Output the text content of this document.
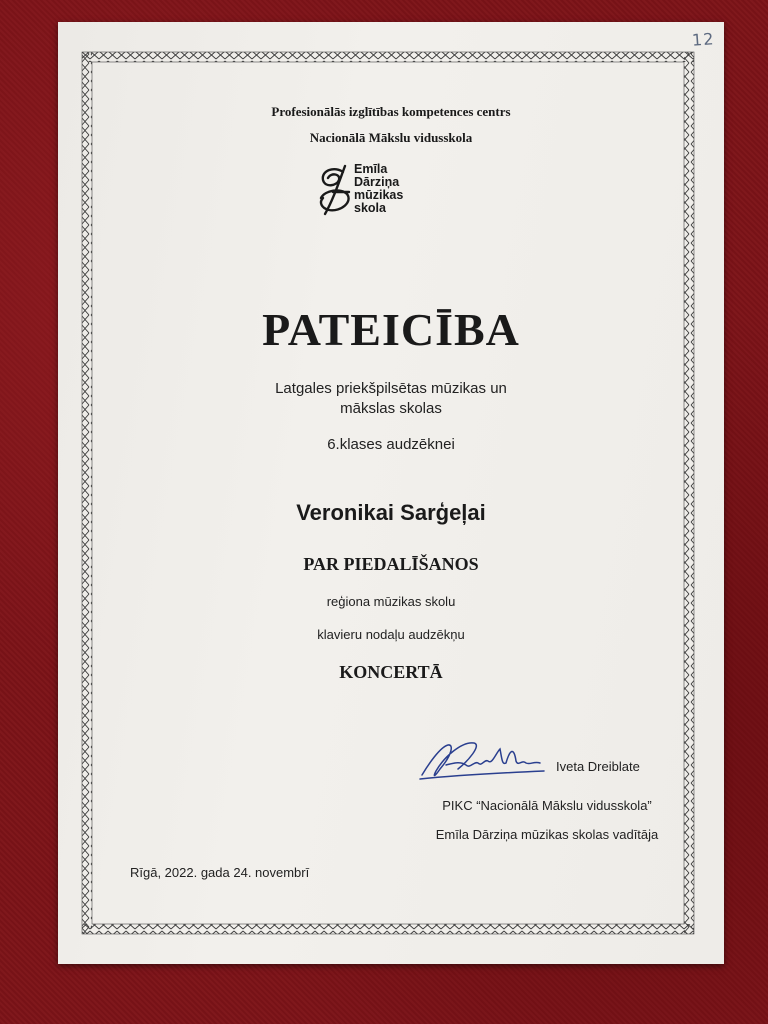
12
Profesionālās izglītības kompetences centrs
Nacionālā Mākslu vidusskola
Emīla
Dārziņa
mūzikas
skola
PATEICĪBA
Latgales priekšpilsētas mūzikas un
mākslas skolas
6.klases audzēknei
Veronikai Sarģeļai
PAR PIEDALĪŠANOS
reģiona mūzikas skolu
klavieru nodaļu audzēkņu
KONCERTĀ
Iveta Dreiblate
PIKC “Nacionālā Mākslu vidusskola”
Emīla Dārziņa mūzikas skolas vadītāja
Rīgā, 2022. gada 24. novembrī
